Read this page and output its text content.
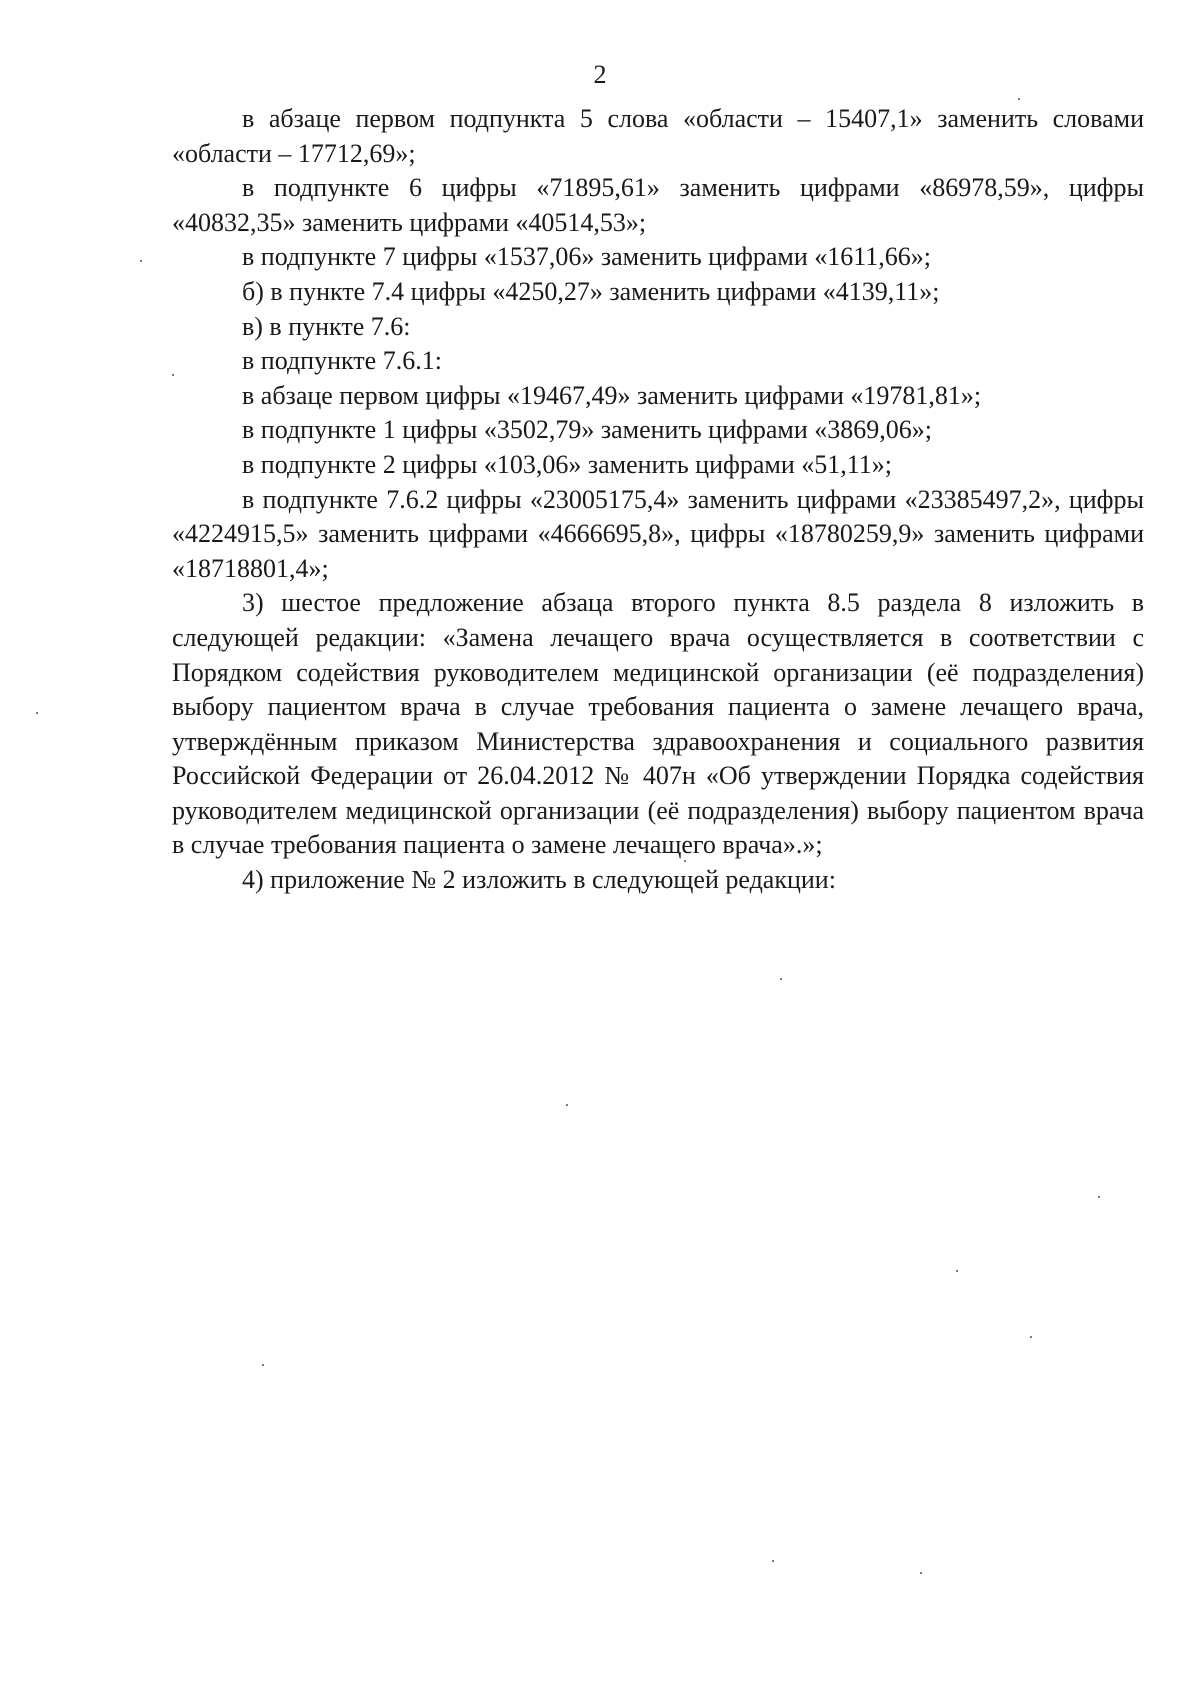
2

в абзаце первом подпункта 5 слова «области – 15407,1» заменить словами «области – 17712,69»;

в подпункте 6 цифры «71895,61» заменить цифрами «86978,59», цифры «40832,35» заменить цифрами «40514,53»;

в подпункте 7 цифры «1537,06» заменить цифрами «1611,66»;

б) в пункте 7.4 цифры «4250,27» заменить цифрами «4139,11»;

в) в пункте 7.6:

в подпункте 7.6.1:

в абзаце первом цифры «19467,49» заменить цифрами «19781,81»;

в подпункте 1 цифры «3502,79» заменить цифрами «3869,06»;

в подпункте 2 цифры «103,06» заменить цифрами «51,11»;

в подпункте 7.6.2 цифры «23005175,4» заменить цифрами «23385497,2», цифры «4224915,5» заменить цифрами «4666695,8», цифры «18780259,9» заменить цифрами «18718801,4»;

3) шестое предложение абзаца второго пункта 8.5 раздела 8 изложить в следующей редакции: «Замена лечащего врача осуществляется в соответствии с Порядком содействия руководителем медицинской организации (её подразделения) выбору пациентом врача в случае требования пациента о замене лечащего врача, утверждённым приказом Министерства здравоохранения и социального развития Российской Федерации от 26.04.2012 № 407н «Об утверждении Порядка содействия руководителем медицинской организации (её подразделения) выбору пациентом врача в случае требования пациента о замене лечащего врача».»;

4) приложение № 2 изложить в следующей редакции:
